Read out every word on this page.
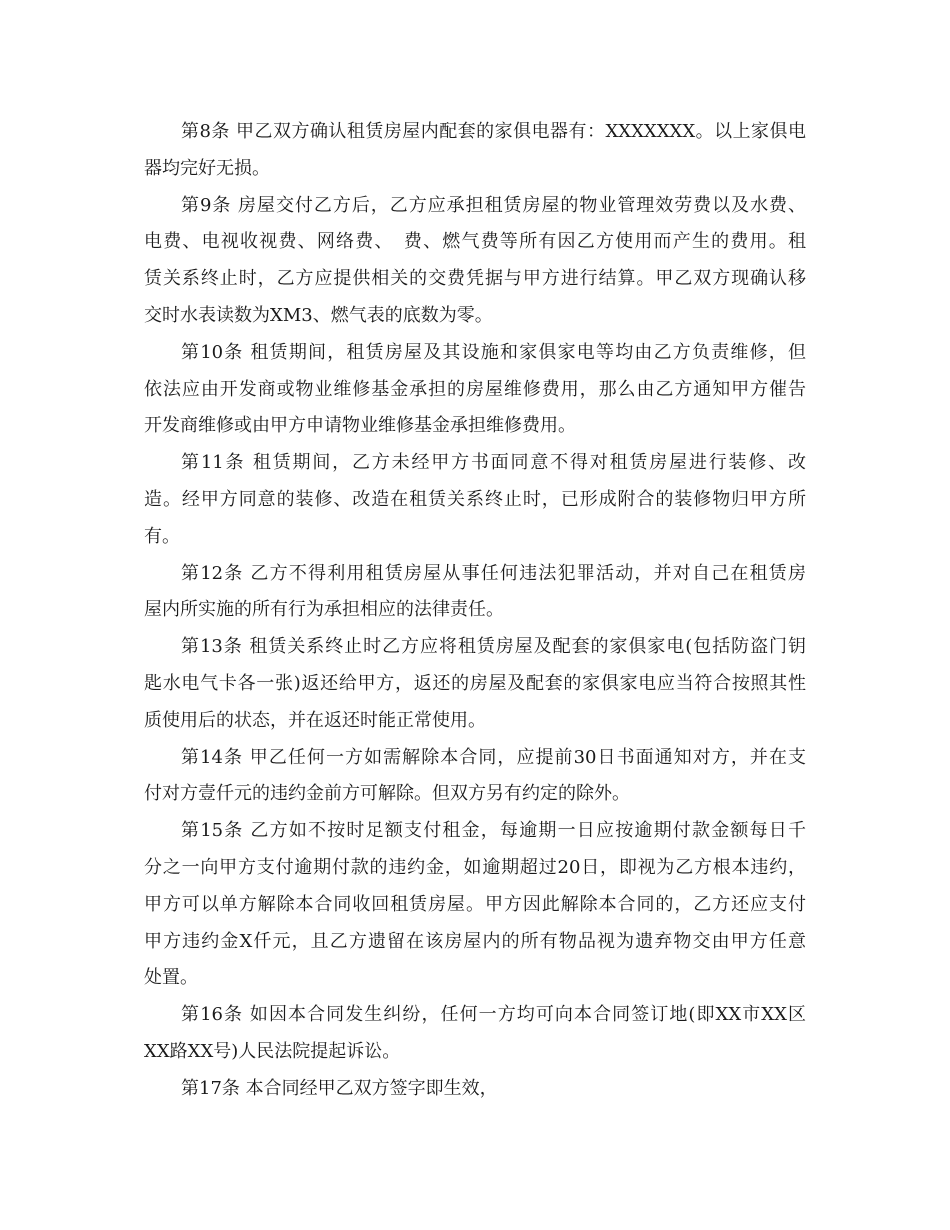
第8条 甲乙双方确认租赁房屋内配套的家俱电器有：XXXXXXX。以上家俱电
器均完好无损。
第9条 房屋交付乙方后，乙方应承担租赁房屋的物业管理效劳费以及水费、
电费、电视收视费、网络费、　费、燃气费等所有因乙方使用而产生的费用。租
赁关系终止时，乙方应提供相关的交费凭据与甲方进行结算。甲乙双方现确认移
交时水表读数为XM3、燃气表的底数为零。
第10条 租赁期间，租赁房屋及其设施和家俱家电等均由乙方负责维修，但
依法应由开发商或物业维修基金承担的房屋维修费用，那么由乙方通知甲方催告
开发商维修或由甲方申请物业维修基金承担维修费用。
第11条 租赁期间，乙方未经甲方书面同意不得对租赁房屋进行装修、改
造。经甲方同意的装修、改造在租赁关系终止时，已形成附合的装修物归甲方所
有。
第12条 乙方不得利用租赁房屋从事任何违法犯罪活动，并对自己在租赁房
屋内所实施的所有行为承担相应的法律责任。
第13条 租赁关系终止时乙方应将租赁房屋及配套的家俱家电(包括防盗门钥
匙水电气卡各一张)返还给甲方，返还的房屋及配套的家俱家电应当符合按照其性
质使用后的状态，并在返还时能正常使用。
第14条 甲乙任何一方如需解除本合同，应提前30日书面通知对方，并在支
付对方壹仟元的违约金前方可解除。但双方另有约定的除外。
第15条 乙方如不按时足额支付租金，每逾期一日应按逾期付款金额每日千
分之一向甲方支付逾期付款的违约金，如逾期超过20日，即视为乙方根本违约，
甲方可以单方解除本合同收回租赁房屋。甲方因此解除本合同的，乙方还应支付
甲方违约金X仟元，且乙方遗留在该房屋内的所有物品视为遗弃物交由甲方任意
处置。
第16条 如因本合同发生纠纷，任何一方均可向本合同签订地(即XX市XX区
XX路XX号)人民法院提起诉讼。
第17条 本合同经甲乙双方签字即生效，
